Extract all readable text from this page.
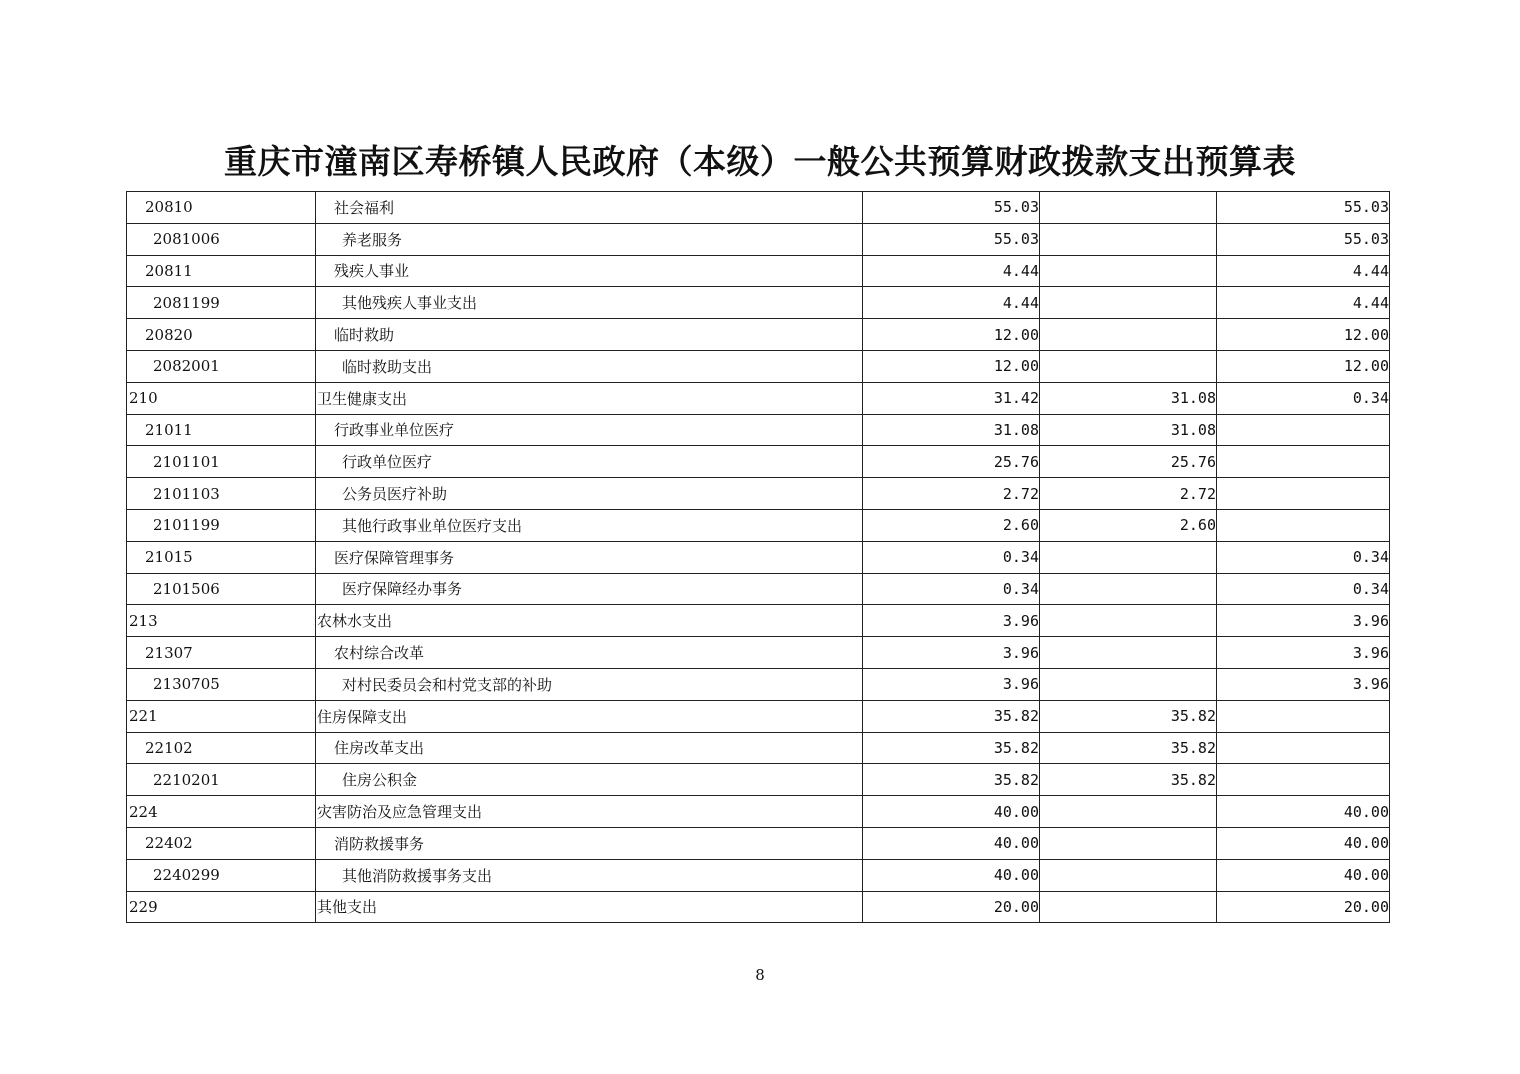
重庆市潼南区寿桥镇人民政府（本级）一般公共预算财政拨款支出预算表
20810	社会福利	55.03		55.03
2081006	养老服务	55.03		55.03
20811	残疾人事业	4.44		4.44
2081199	其他残疾人事业支出	4.44		4.44
20820	临时救助	12.00		12.00
2082001	临时救助支出	12.00		12.00
210	卫生健康支出	31.42	31.08	0.34
21011	行政事业单位医疗	31.08	31.08	
2101101	行政单位医疗	25.76	25.76	
2101103	公务员医疗补助	2.72	2.72	
2101199	其他行政事业单位医疗支出	2.60	2.60	
21015	医疗保障管理事务	0.34		0.34
2101506	医疗保障经办事务	0.34		0.34
213	农林水支出	3.96		3.96
21307	农村综合改革	3.96		3.96
2130705	对村民委员会和村党支部的补助	3.96		3.96
221	住房保障支出	35.82	35.82	
22102	住房改革支出	35.82	35.82	
2210201	住房公积金	35.82	35.82	
224	灾害防治及应急管理支出	40.00		40.00
22402	消防救援事务	40.00		40.00
2240299	其他消防救援事务支出	40.00		40.00
229	其他支出	20.00		20.00
8
